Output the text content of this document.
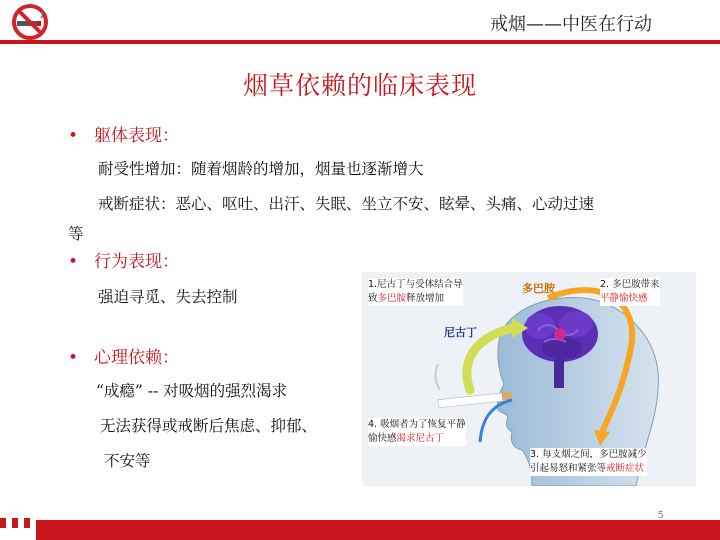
戒烟——中医在行动
烟草依赖的临床表现
• 躯体表现：
耐受性增加：随着烟龄的增加，烟量也逐渐增大
戒断症状：恶心、呕吐、出汗、失眠、坐立不安、眩晕、头痛、心动过速
等
• 行为表现：
强迫寻觅、失去控制
• 心理依赖：
“成瘾” -- 对吸烟的强烈渴求
无法获得或戒断后焦虑、抑郁、
不安等
1.尼古丁与受体结合导
致多巴胺释放增加
2. 多巴胺带来
平静愉快感
4. 吸烟者为了恢复平静
愉快感渴求尼古丁
3. 每支烟之间，多巴胺减少
引起易怒和紧张等戒断症状
尼古丁
多巴胺
5
